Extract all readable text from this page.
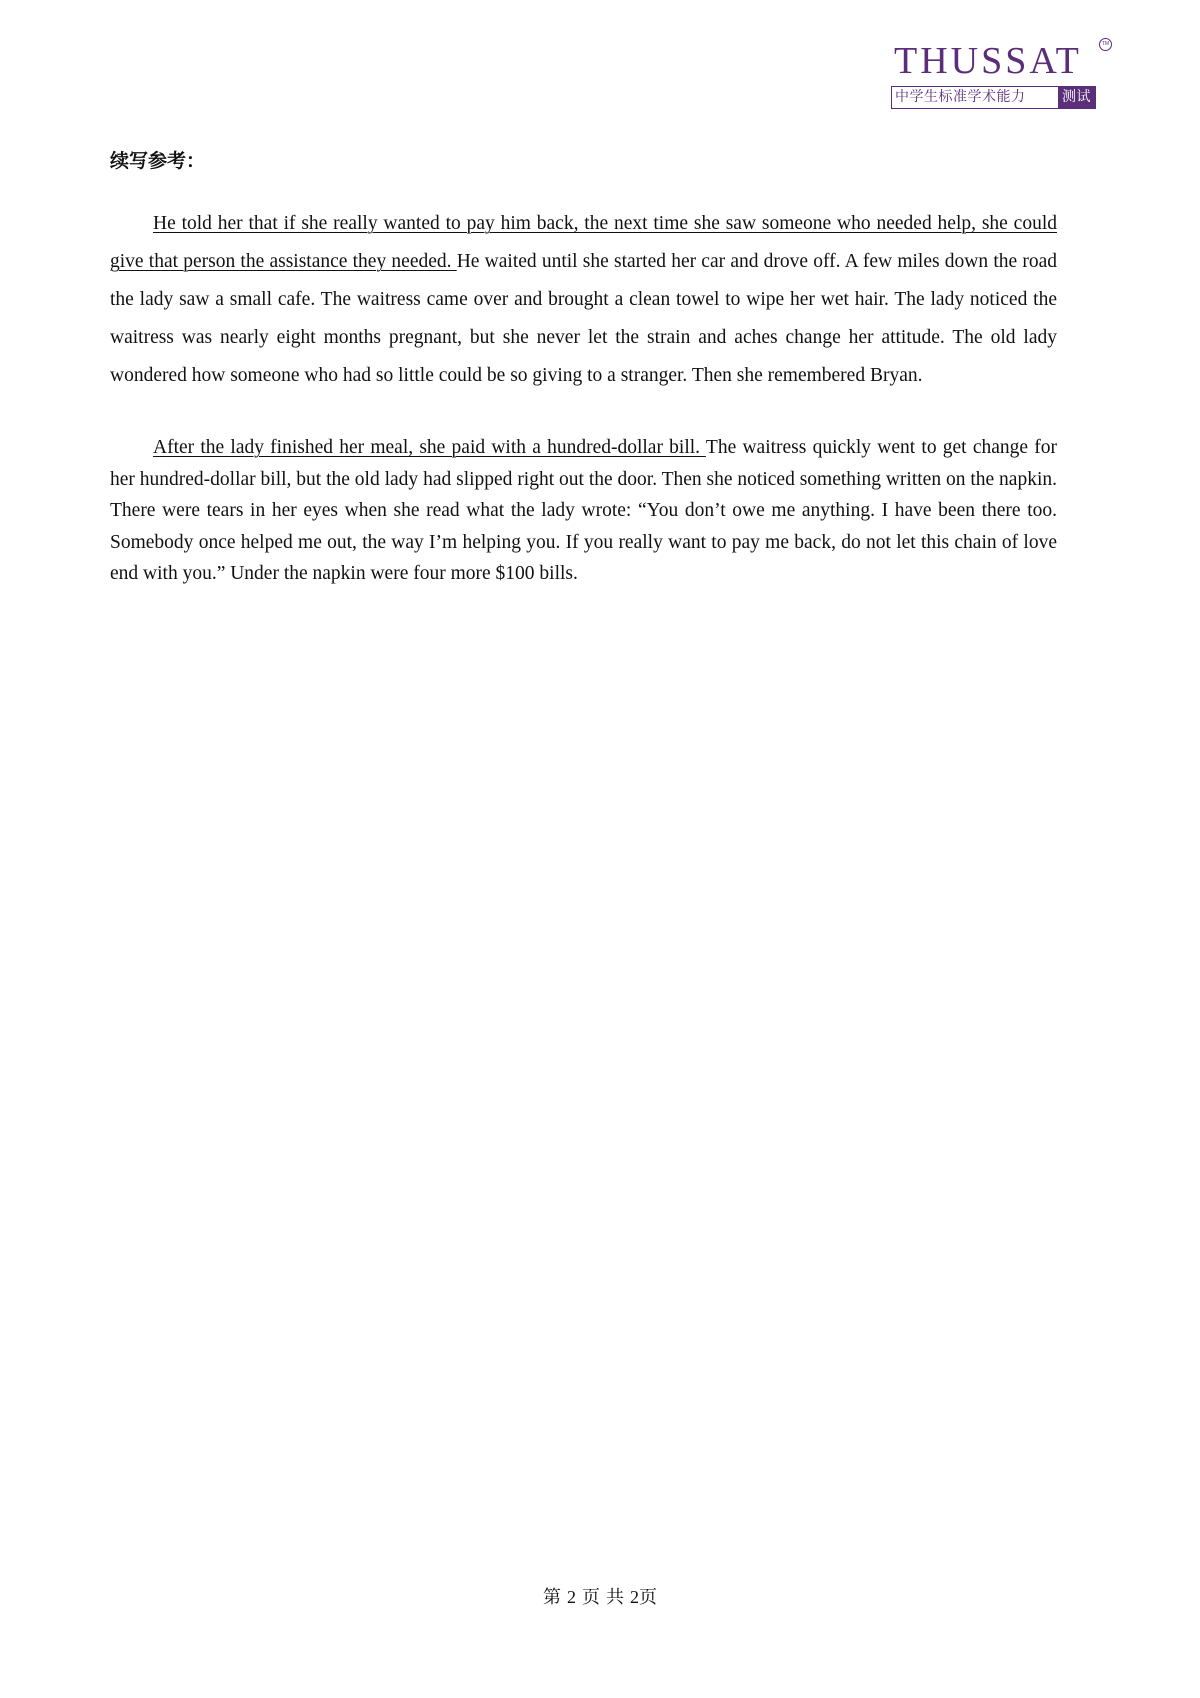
THUSSAT	TM
中学生标准学术能力	测试
续写参考：

He told her that if she really wanted to pay him back, the next time she saw someone who needed help, she could give that person the assistance they needed. He waited until she started her car and drove off. A few miles down the road the lady saw a small cafe. The waitress came over and brought a clean towel to wipe her wet hair. The lady noticed the waitress was nearly eight months pregnant, but she never let the strain and aches change her attitude. The old lady wondered how someone who had so little could be so giving to a stranger. Then she remembered Bryan.

After the lady finished her meal, she paid with a hundred-dollar bill. The waitress quickly went to get change for her hundred-dollar bill, but the old lady had slipped right out the door. Then she noticed something written on the napkin. There were tears in her eyes when she read what the lady wrote: “You don’t owe me anything. I have been there too. Somebody once helped me out, the way I’m helping you. If you really want to pay me back, do not let this chain of love end with you.” Under the napkin were four more $100 bills.

第 2 页 共 2页
